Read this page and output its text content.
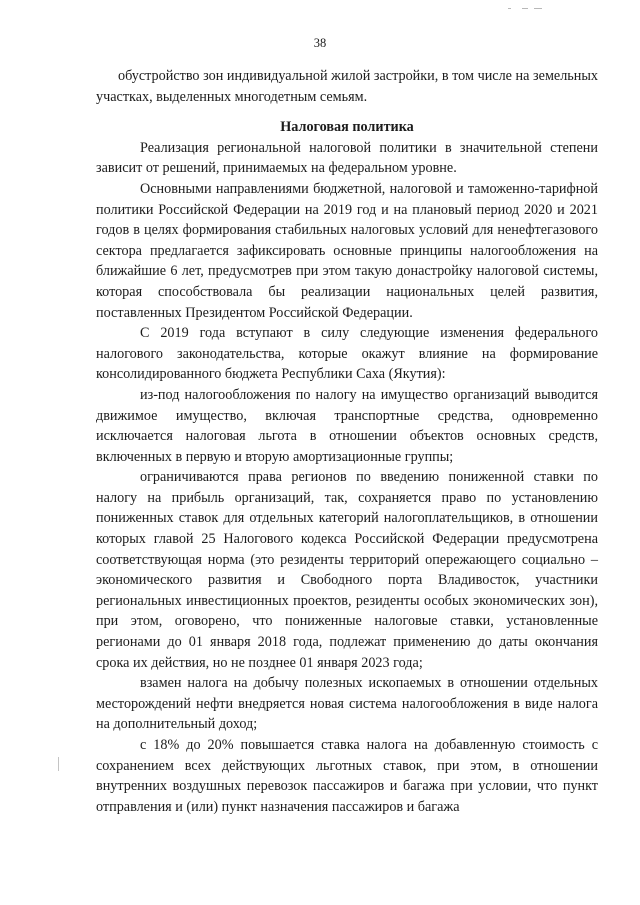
38

обустройство зон индивидуальной жилой застройки, в том числе на земельных участках, выделенных многодетным семьям.

Налоговая политика

Реализация региональной налоговой политики в значительной степени зависит от решений, принимаемых на федеральном уровне.

Основными направлениями бюджетной, налоговой и таможенно-тарифной политики Российской Федерации на 2019 год и на плановый период 2020 и 2021 годов в целях формирования стабильных налоговых условий для ненефтегазового сектора предлагается зафиксировать основные принципы налогообложения на ближайшие 6 лет, предусмотрев при этом такую донастройку налоговой системы, которая способствовала бы реализации национальных целей развития, поставленных Президентом Российской Федерации.

С 2019 года вступают в силу следующие изменения федерального налогового законодательства, которые окажут влияние на формирование консолидированного бюджета Республики Саха (Якутия):

из-под налогообложения по налогу на имущество организаций выводится движимое имущество, включая транспортные средства, одновременно исключается налоговая льгота в отношении объектов основных средств, включенных в первую и вторую амортизационные группы;

ограничиваются права регионов по введению пониженной ставки по налогу на прибыль организаций, так, сохраняется право по установлению пониженных ставок для отдельных категорий налогоплательщиков, в отношении которых главой 25 Налогового кодекса Российской Федерации предусмотрена соответствующая норма (это резиденты территорий опережающего социально – экономического развития и Свободного порта Владивосток, участники региональных инвестиционных проектов, резиденты особых экономических зон), при этом, оговорено, что пониженные налоговые ставки, установленные регионами до 01 января 2018 года, подлежат применению до даты окончания срока их действия, но не позднее 01 января 2023 года;

взамен налога на добычу полезных ископаемых в отношении отдельных месторождений нефти внедряется новая система налогообложения в виде налога на дополнительный доход;

с 18% до 20% повышается ставка налога на добавленную стоимость с сохранением всех действующих льготных ставок, при этом, в отношении внутренних воздушных перевозок пассажиров и багажа при условии, что пункт отправления и (или) пункт назначения пассажиров и багажа
